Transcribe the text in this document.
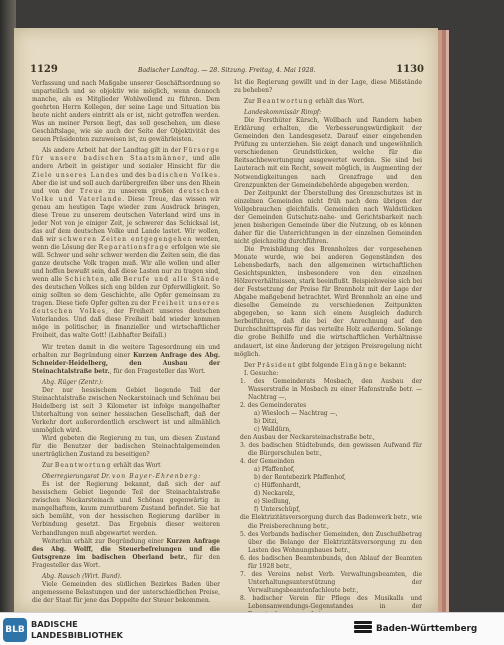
1129	Badischer Landtag. — 28. Sitzung. Freitag, 4. Mai 1928.	1130

Verfassung und nach Maßgabe unserer Geschäftsordnung so unparteilich und so objektiv wie möglich, wenn dennoch manche, als es Mitglieder Wohlwollend zu führen. Dem geehrten Herrn Kollegen, der seine Lage und Situation bis heute nicht anders eintritt als er ist, nicht getroffen werden. Was an meiner Person liegt, das soll geschehen, um diese Geschäftslage, wie sie auch der Seite der Objektivität des neuen Präsidenten zuzuweisen ist, zu gewährleisten.

Als andere Arbeit hat der Landtag gilt in der Fürsorge für unsere badischen Staatsmänner, und alle andere Arbeit in geistiger und sozialer Hinsicht für die Ziele unseres Landes und des badischen Volkes. Aber die ist und soll auch darübergreifen über uns den Rhein und von der Treue zu unserem großen deutschen Volke und Vaterlande. Diese Treue, das wissen wir genau am heutigen Tage wieder zum Ausdruck bringen, diese Treue zu unserem deutschen Vaterland wird uns in jeder Not von je einiger Zeit, je schwerer das Schicksal ist, das auf dem deutschen Volke und Lande lastet. Wir wollen, daß wir schweren Zeiten entgegengehen werden, wenn die Lösung der Reparationsfrage erfolgen wie sie will. Schwer und sehr schwer werden die Zeiten sein, die das ganze deutsche Volk tragen muß. Wir alle wollen und aller und hoffen bewußt sein, daß diese Lasten nur zu tragen sind, wenn alle Schichten, alle Berufe und alle Stände des deutschen Volkes sich eng bilden zur Opferwilligkeit. So einig sollten so dem Geschichte, alle Opfer gemeinsam zu tragen. Diese tiefe Opfer gelten zu der Freiheit unseres deutschen Volkes, der Freiheit unseres deutschen Vaterlandes. Und daß diese Freiheit bald wieder kommen möge in politischer, in finanzieller und wirtschaftlicher Freiheit, das walte Gott! (Lebhafter Beifall.)

Wir treten damit in die weitere Tagesordnung ein und erhalten zur Begründung einer Kurzen Anfrage des Abg. Schneider-Heidelberg, den Ausbau der Steinachtalstraße betr., für den Fragesteller das Wort.

Abg. Rüger (Zentr.):

Der nur hessischem Gebiet liegende Teil der Steinachtalstraße zwischen Neckarsteinach und Schönau bei Heidelberg ist seit 3 Kilometer ist infolge mangelhafter Unterhaltung von seiner hessischen Gesellschaft, daß der Verkehr dort außerordentlich erschwert ist und allmählich unmöglich wird.

Wird gebeten die Regierung zu tun, um diesen Zustand für die Benutzer der badischen Steinachtalgemeinden unerträglichen Zustand zu beseitigen?

Zur Beantwortung erhält das Wort

Oberregierungsrat Dr. von Bayer-Ehrenberg:

Es ist der Regierung bekannt, daß sich der auf hessischem Gebiet liegende Teil der Steinachtalstraße zwischen Neckarsteinach und Schönau gegenwärtig in mangelhaftem, kaum zumutbarem Zustand befindet. Sie hat sich bemüht, von der hessischen Regierung darüber in Verbindung gesetzt. Das Ergebnis dieser weiteren Verhandlungen muß abgewartet werden.

Weiterhin erhält zur Begründung einer Kurzen Anfrage des Abg. Wolff, die Steuerbefreiungen und die Gutsgrenze im badischen Oberland betr., für den Fragesteller das Wort.

Abg. Rausch (Wirt. Bund).

Viele Gemeinden des südlichen Bezirkes Baden über angemessene Belastungen und der unterschiedlichen Preise, die der Staat für jene das Doppelte der Steuer bekommen.

Ist die Regierung gewillt und in der Lage, diese Mißstände zu beheben?

Zur Beantwortung erhält das Wort.

Landeskommissär Rimpf:

Die Forsthüter Kürsch, Wollbach und Randern haben Erklärung erhalten, die Verbesserungswürdigkeit der Gemeinden den Landesgesetz. Darauf einer eingehenden Prüfung zu unterziehen. Sie zeigt danach und ungewöhnlich verschiedenen Grundstücken, welche für die Reitsachbewertungung ausgewertet werden. Sie sind bei Lauterach mit ein Recht, soweit möglich, in Augmenting der Notwendigkeitungen nach Grenzfrage und den Grenzpunkten der Gemeindebehörde abgegeben werden.

Der Zeitpunkt der Überstellung des Grenzschutzes ist in einzelnen Gemeinden nicht früh nach dem übrigen der Vollgebrauchen gleichfalls. Gemeinden nach Waldstücken der Gemeinden Gutschutz-nahe- und Gerichtsbarkeit nach jenen bisherigen Gemeinde über die Nutzung, ob es können daher für die Unterrichtungen in der einzelnen Gemeinden nicht gleichzeitig durchführen.

Die Preisbildung des Brennholzes der vorgesehenen Monate wurde, wie bei anderen Gegenständen des Lebensbedarfs, nach den allgemeinen wirtschaftlichen Gesichtspunkten, insbesondere von den einzelnen Hölzerverhältnissen, stark beeinflußt. Beispielsweise sich bei der Festsetzung der Preise für Brennholz mit der Lage der Abgabe maßgebend betrachtet. Wird Brennholz an eine und dieselbe Gemeinde zu verschiedenen Zeitpunkten abgegeben, so kann sich einem Ausgleich dadurch herbeiführen, daß die bei der Anrechnung auf den Durchschnittspreis für das verteilte Holz außerdem. Solange die grobe Beihilfe und die wirtschaftlichen Verhältnisse andauert, ist eine Änderung der jetzigen Preisregelung nicht möglich.

Der Präsident gibt folgende Eingänge bekannt:

I. Gesuche:

1. des Gemeinderats Mosbach, den Ausbau der Wasserstraße in Mosbach zu einer Hafenstraße betr. — Nachtrag —,

2. des Gemeinderates

a) Wiesloch — Nachtrag —,

b) Ditzi,

c) Walldürn,

den Ausbau der Neckarsteinachstraße betr.,

3. des badischen Städtebunds, den gewissen Aufwand für die Bürgerschulen betr.,

4. der Gemeinden

a) Pfaffenhof,

b) der Rentebezirk Pfaffenhof,

c) Hüffenhardt,

d) Neckarelz,

e) Siedlung,

f) Unterschüpf,

die Elektrizitätsversorgung durch das Badenwerk betr., wie die Preisberechnung betr.,

5. des Verbands badischer Gemeinden, den Zuschußbetrag über die Belange der Elektrizitätsversorgung zu den Lasten des Wohnungsbaues betr.,

6. des badischen Beamtenbunds, den Ablauf der Beamten für 1928 betr.,

7. des Vereins nebst Verb. Verwaltungsbeamten, die Unterhaltungsunterstützung der Verwaltungsbeamtenfachleute betr.,

8. badischer Verein für Pflege des Musikalls und Lebensanwendungs-Gegenstandes in der

BLB
BADISCHE
LANDESBIBLIOTHEK
Baden-Württemberg
